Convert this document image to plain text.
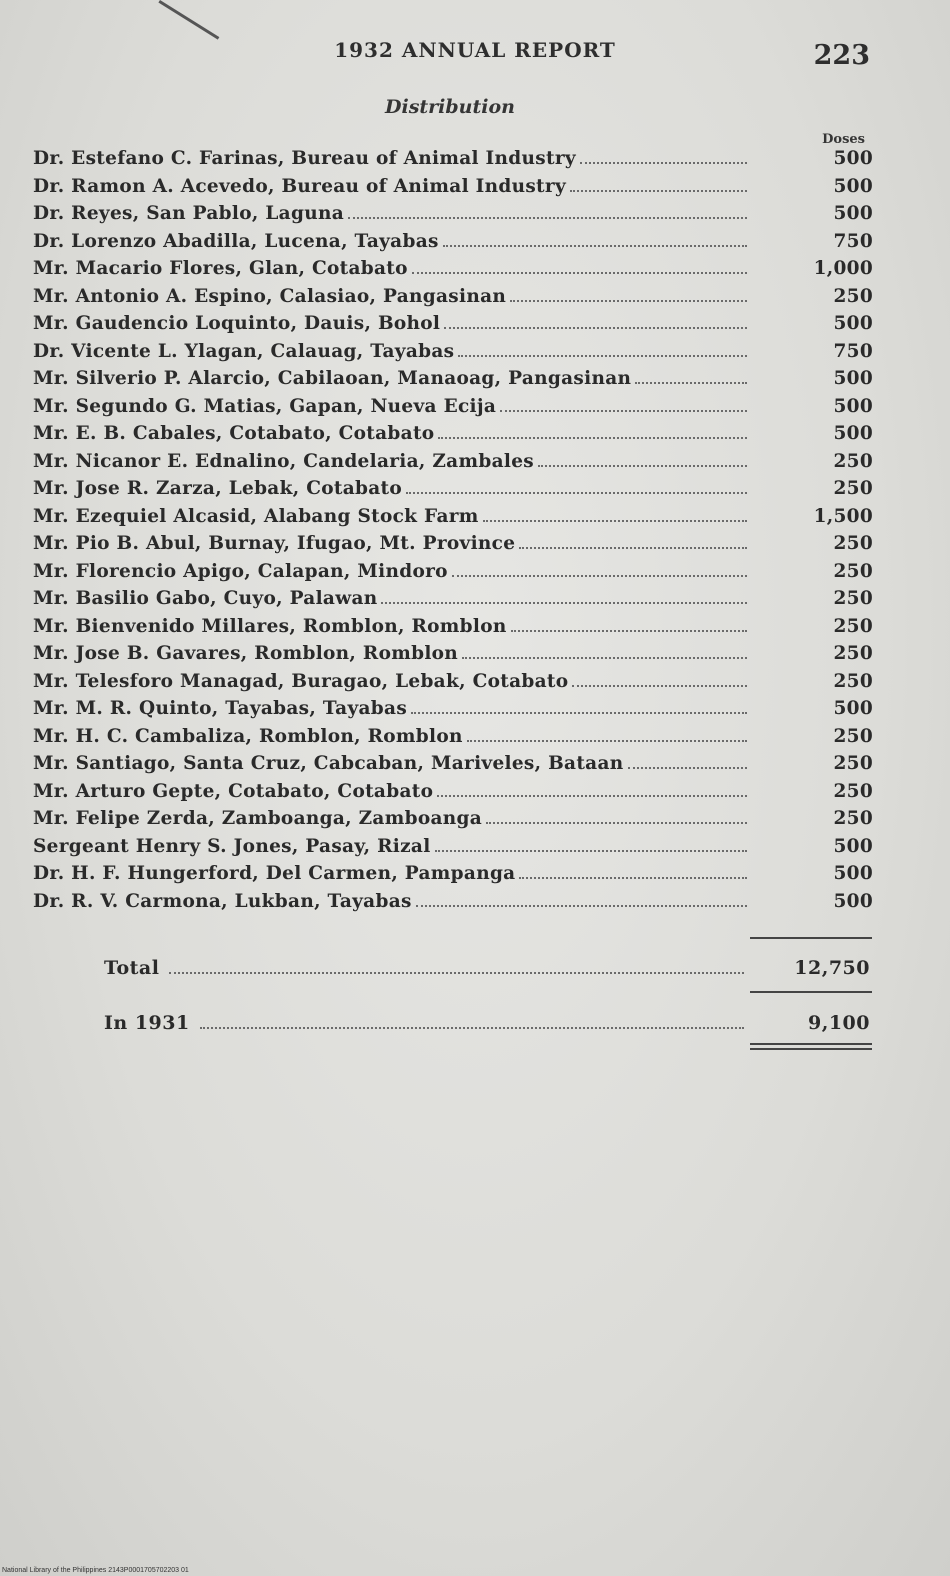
1932 ANNUAL REPORT	223
Distribution
Doses
Dr. Estefano C. Farinas, Bureau of Animal Industry	500
Dr. Ramon A. Acevedo, Bureau of Animal Industry	500
Dr. Reyes, San Pablo, Laguna	500
Dr. Lorenzo Abadilla, Lucena, Tayabas	750
Mr. Macario Flores, Glan, Cotabato	1,000
Mr. Antonio A. Espino, Calasiao, Pangasinan	250
Mr. Gaudencio Loquinto, Dauis, Bohol	500
Dr. Vicente L. Ylagan, Calauag, Tayabas	750
Mr. Silverio P. Alarcio, Cabilaoan, Manaoag, Pangasinan	500
Mr. Segundo G. Matias, Gapan, Nueva Ecija	500
Mr. E. B. Cabales, Cotabato, Cotabato	500
Mr. Nicanor E. Ednalino, Candelaria, Zambales	250
Mr. Jose R. Zarza, Lebak, Cotabato	250
Mr. Ezequiel Alcasid, Alabang Stock Farm	1,500
Mr. Pio B. Abul, Burnay, Ifugao, Mt. Province	250
Mr. Florencio Apigo, Calapan, Mindoro	250
Mr. Basilio Gabo, Cuyo, Palawan	250
Mr. Bienvenido Millares, Romblon, Romblon	250
Mr. Jose B. Gavares, Romblon, Romblon	250
Mr. Telesforo Managad, Buragao, Lebak, Cotabato	250
Mr. M. R. Quinto, Tayabas, Tayabas	500
Mr. H. C. Cambaliza, Romblon, Romblon	250
Mr. Santiago, Santa Cruz, Cabcaban, Mariveles, Bataan	250
Mr. Arturo Gepte, Cotabato, Cotabato	250
Mr. Felipe Zerda, Zamboanga, Zamboanga	250
Sergeant Henry S. Jones, Pasay, Rizal	500
Dr. H. F. Hungerford, Del Carmen, Pampanga	500
Dr. R. V. Carmona, Lukban, Tayabas	500
Total	12,750
In 1931	9,100
National Library of the Philippines 2143P0001705702203 01
